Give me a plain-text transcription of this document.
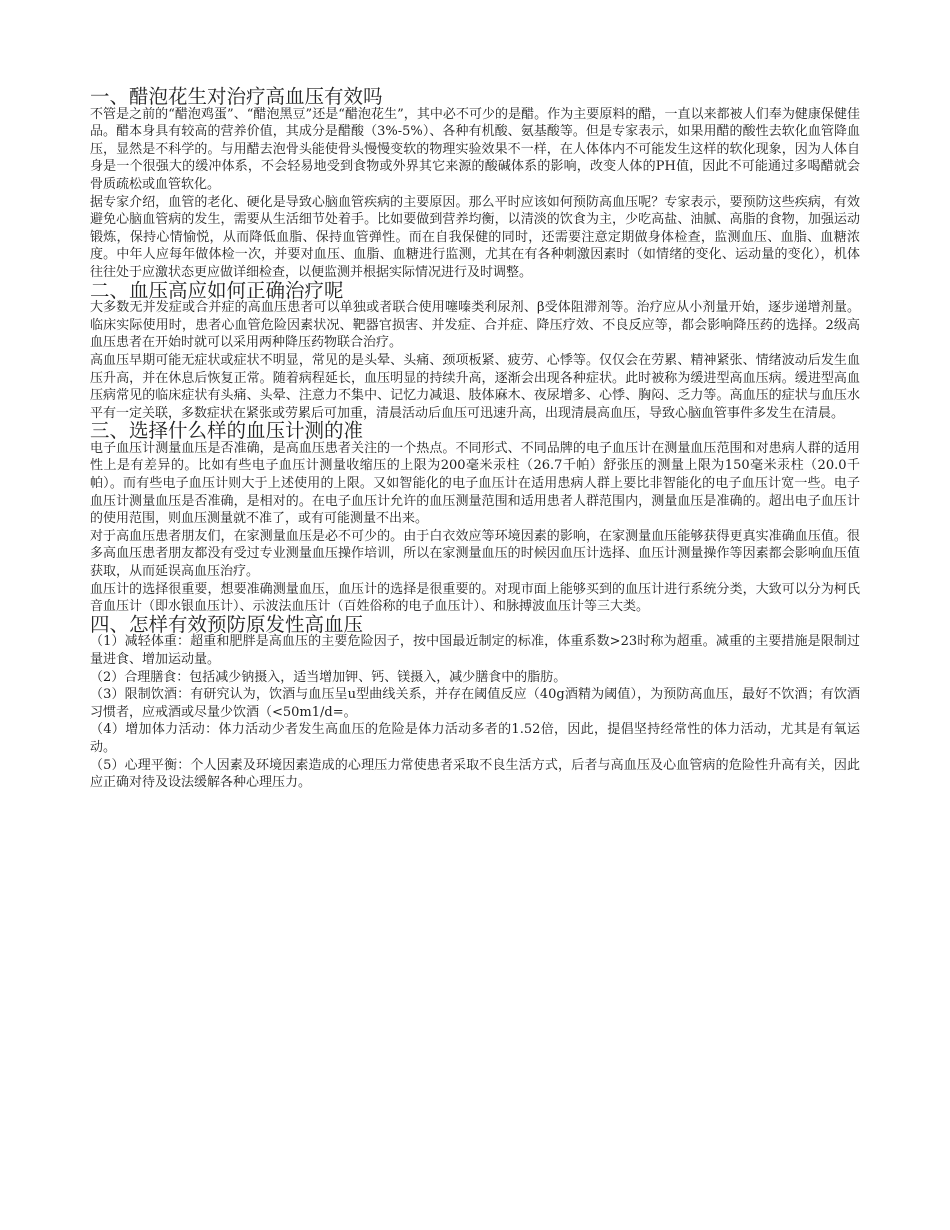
一、醋泡花生对治疗高血压有效吗

不管是之前的“醋泡鸡蛋”、“醋泡黑豆”还是“醋泡花生”，其中必不可少的是醋。作为主要原料的醋，一直以来都被人们奉为健康保健佳品。醋本身具有较高的营养价值，其成分是醋酸（3%-5%）、各种有机酸、氨基酸等。但是专家表示，如果用醋的酸性去软化血管降血压，显然是不科学的。与用醋去泡骨头能使骨头慢慢变软的物理实验效果不一样，在人体体内不可能发生这样的软化现象，因为人体自身是一个很强大的缓冲体系，不会轻易地受到食物或外界其它来源的酸碱体系的影响，改变人体的PH值，因此不可能通过多喝醋就会骨质疏松或血管软化。

据专家介绍，血管的老化、硬化是导致心脑血管疾病的主要原因。那么平时应该如何预防高血压呢？专家表示，要预防这些疾病，有效避免心脑血管病的发生，需要从生活细节处着手。比如要做到营养均衡，以清淡的饮食为主，少吃高盐、油腻、高脂的食物，加强运动锻炼，保持心情愉悦，从而降低血脂、保持血管弹性。而在自我保健的同时，还需要注意定期做身体检查，监测血压、血脂、血糖浓度。中年人应每年做体检一次，并要对血压、血脂、血糖进行监测，尤其在有各种刺激因素时（如情绪的变化、运动量的变化），机体往往处于应激状态更应做详细检查，以便监测并根据实际情况进行及时调整。

二、血压高应如何正确治疗呢

大多数无并发症或合并症的高血压患者可以单独或者联合使用噻嗪类利尿剂、β受体阻滞剂等。治疗应从小剂量开始，逐步递增剂量。临床实际使用时，患者心血管危险因素状况、靶器官损害、并发症、合并症、降压疗效、不良反应等，都会影响降压药的选择。2级高血压患者在开始时就可以采用两种降压药物联合治疗。

高血压早期可能无症状或症状不明显，常见的是头晕、头痛、颈项板紧、疲劳、心悸等。仅仅会在劳累、精神紧张、情绪波动后发生血压升高，并在休息后恢复正常。随着病程延长，血压明显的持续升高，逐渐会出现各种症状。此时被称为缓进型高血压病。缓进型高血压病常见的临床症状有头痛、头晕、注意力不集中、记忆力减退、肢体麻木、夜尿增多、心悸、胸闷、乏力等。高血压的症状与血压水平有一定关联，多数症状在紧张或劳累后可加重，清晨活动后血压可迅速升高，出现清晨高血压，导致心脑血管事件多发生在清晨。

三、选择什么样的血压计测的准

电子血压计测量血压是否准确，是高血压患者关注的一个热点。不同形式、不同品牌的电子血压计在测量血压范围和对患病人群的适用性上是有差异的。比如有些电子血压计测量收缩压的上限为200毫米汞柱（26.7千帕）舒张压的测量上限为150毫米汞柱（20.0千帕）。而有些电子血压计则大于上述使用的上限。又如智能化的电子血压计在适用患病人群上要比非智能化的电子血压计宽一些。电子血压计测量血压是否准确，是相对的。在电子血压计允许的血压测量范围和适用患者人群范围内，测量血压是准确的。超出电子血压计的使用范围，则血压测量就不准了，或有可能测量不出来。

对于高血压患者朋友们，在家测量血压是必不可少的。由于白衣效应等环境因素的影响，在家测量血压能够获得更真实准确血压值。很多高血压患者朋友都没有受过专业测量血压操作培训，所以在家测量血压的时候因血压计选择、血压计测量操作等因素都会影响血压值获取，从而延误高血压治疗。

血压计的选择很重要，想要准确测量血压，血压计的选择是很重要的。对现市面上能够买到的血压计进行系统分类，大致可以分为柯氏音血压计（即水银血压计）、示波法血压计（百姓俗称的电子血压计）、和脉搏波血压计等三大类。

四、怎样有效预防原发性高血压

（1）减轻体重：超重和肥胖是高血压的主要危险因子，按中国最近制定的标准，体重系数>23时称为超重。减重的主要措施是限制过量进食、增加运动量。

（2）合理膳食：包括减少钠摄入，适当增加钾、钙、镁摄入，减少膳食中的脂肪。

（3）限制饮酒：有研究认为，饮酒与血压呈u型曲线关系，并存在阈值反应（40g酒精为阈值），为预防高血压，最好不饮酒；有饮酒习惯者，应戒酒或尽量少饮酒（<50m1/d=。

（4）增加体力活动：体力活动少者发生高血压的危险是体力活动多者的1.52倍，因此，提倡坚持经常性的体力活动，尤其是有氧运动。

（5）心理平衡：个人因素及环境因素造成的心理压力常使患者采取不良生活方式，后者与高血压及心血管病的危险性升高有关，因此应正确对待及设法缓解各种心理压力。
